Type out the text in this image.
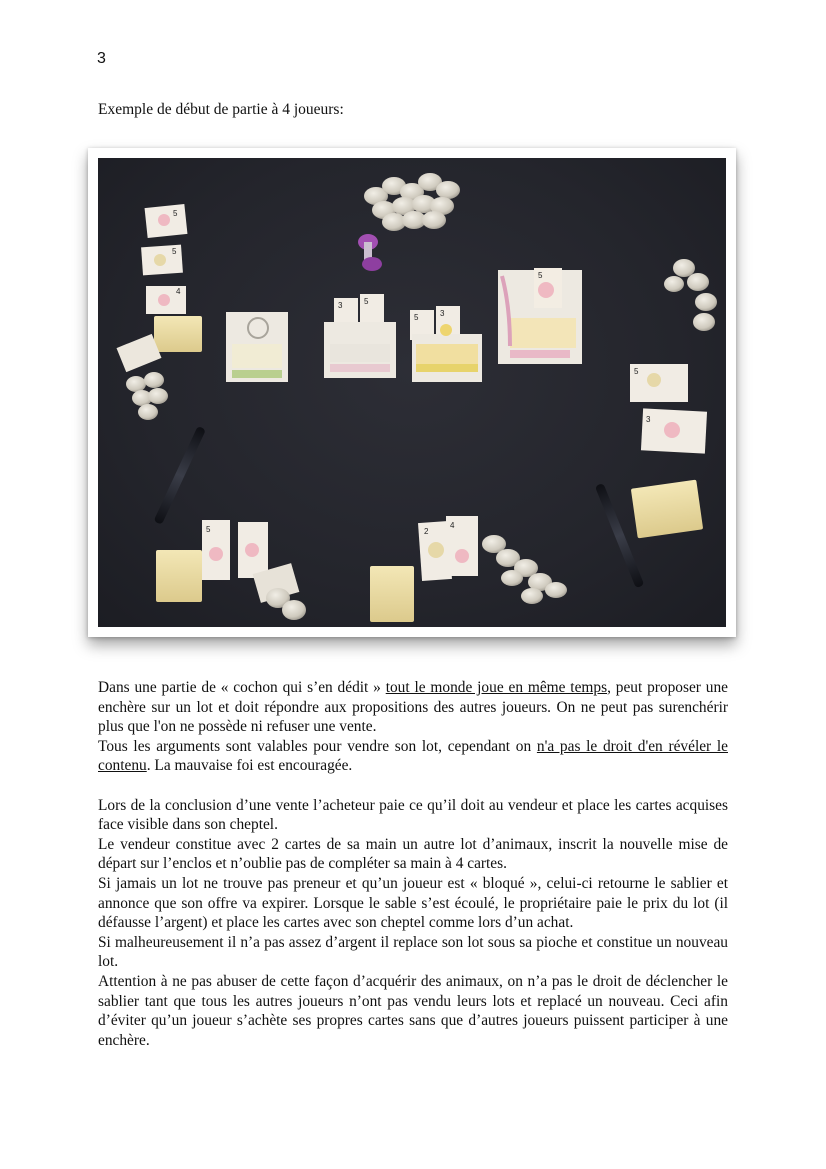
3
Exemple de début de partie à 4 joueurs:
5
5
4
3	5
5	3
5
5
3
5	2
4

Dans une partie de « cochon qui s’en dédit » tout le monde joue en même temps, peut proposer une enchère sur un lot et doit répondre aux propositions des autres joueurs. On ne peut pas surenchérir plus que l'on ne possède ni refuser une vente.

Tous les arguments sont valables pour vendre son lot, cependant on n'a pas le droit d'en révéler le contenu. La mauvaise foi est encouragée.

Lors de la conclusion d’une vente l’acheteur paie ce qu’il doit au vendeur et place les cartes acquises face visible dans son cheptel.

Le vendeur constitue avec 2 cartes de sa main un autre lot d’animaux, inscrit la nouvelle mise de départ sur l’enclos et n’oublie pas de compléter sa main à 4 cartes.

Si jamais un lot ne trouve pas preneur et qu’un joueur est « bloqué », celui-ci retourne le sablier et annonce que son offre va expirer. Lorsque le sable s’est écoulé, le propriétaire paie le prix du lot (il défausse l’argent) et place les cartes avec son cheptel comme lors d’un achat.

Si malheureusement il n’a pas assez d’argent il replace son lot sous sa pioche et constitue un nouveau lot.

Attention à ne pas abuser de cette façon d’acquérir des animaux, on n’a pas le droit de déclencher le sablier tant que tous les autres joueurs n’ont pas vendu leurs lots et replacé un nouveau. Ceci afin d’éviter qu’un joueur s’achète ses propres cartes sans que d’autres joueurs puissent participer à une enchère.
